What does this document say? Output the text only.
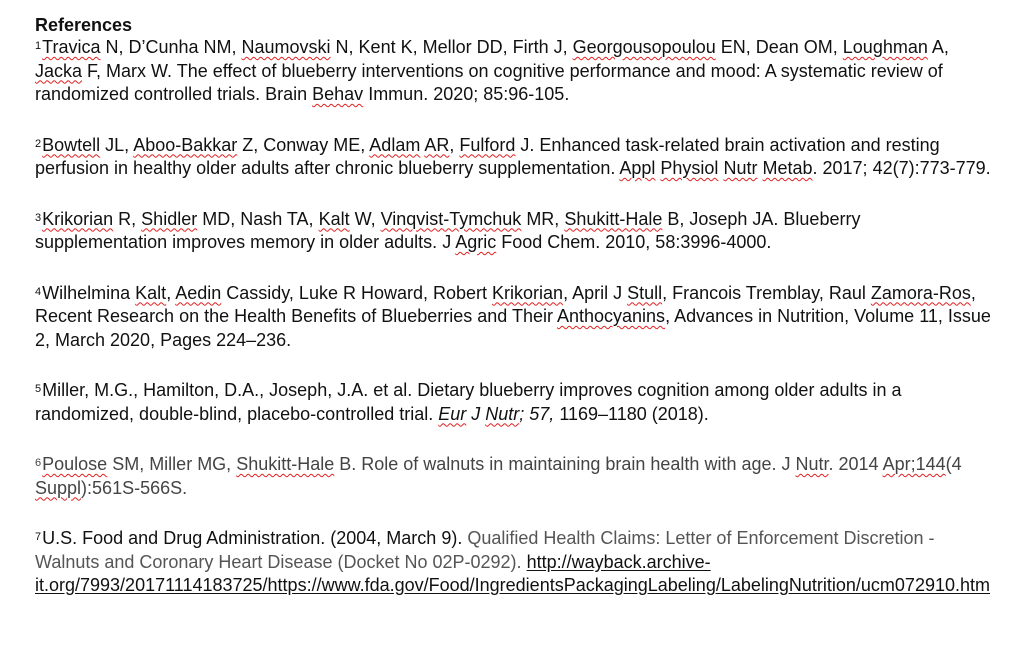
References

$^1$Travica N, D’Cunha NM, Naumovski N, Kent K, Mellor DD, Firth J, Georgousopoulou EN, Dean OM, Loughman A, Jacka F, Marx W. The effect of blueberry interventions on cognitive performance and mood: A systematic review of randomized controlled trials. Brain Behav Immun. 2020; 85:96-105.

$^2$Bowtell JL, Aboo-Bakkar Z, Conway ME, Adlam AR, Fulford J. Enhanced task-related brain activation and resting perfusion in healthy older adults after chronic blueberry supplementation. Appl Physiol Nutr Metab. 2017; 42(7):773-779.

$^3$Krikorian R, Shidler MD, Nash TA, Kalt W, Vinqvist-Tymchuk MR, Shukitt-Hale B, Joseph JA. Blueberry supplementation improves memory in older adults. J Agric Food Chem. 2010, 58:3996-4000.

$^4$Wilhelmina Kalt, Aedin Cassidy, Luke R Howard, Robert Krikorian, April J Stull, Francois Tremblay, Raul Zamora-Ros, Recent Research on the Health Benefits of Blueberries and Their Anthocyanins, Advances in Nutrition, Volume 11, Issue 2, March 2020, Pages 224–236.

$^5$Miller, M.G., Hamilton, D.A., Joseph, J.A. et al. Dietary blueberry improves cognition among older adults in a randomized, double-blind, placebo-controlled trial. Eur J Nutr; 57, 1169–1180 (2018).

$^6$Poulose SM, Miller MG, Shukitt-Hale B. Role of walnuts in maintaining brain health with age. J Nutr. 2014 Apr;144(4 Suppl):561S-566S.

$^7$U.S. Food and Drug Administration. (2004, March 9). Qualified Health Claims: Letter of Enforcement Discretion - Walnuts and Coronary Heart Disease (Docket No 02P-0292). http://wayback.archive-it.org/7993/20171114183725/https://www.fda.gov/Food/IngredientsPackagingLabeling/LabelingNutrition/ucm072910.htm
